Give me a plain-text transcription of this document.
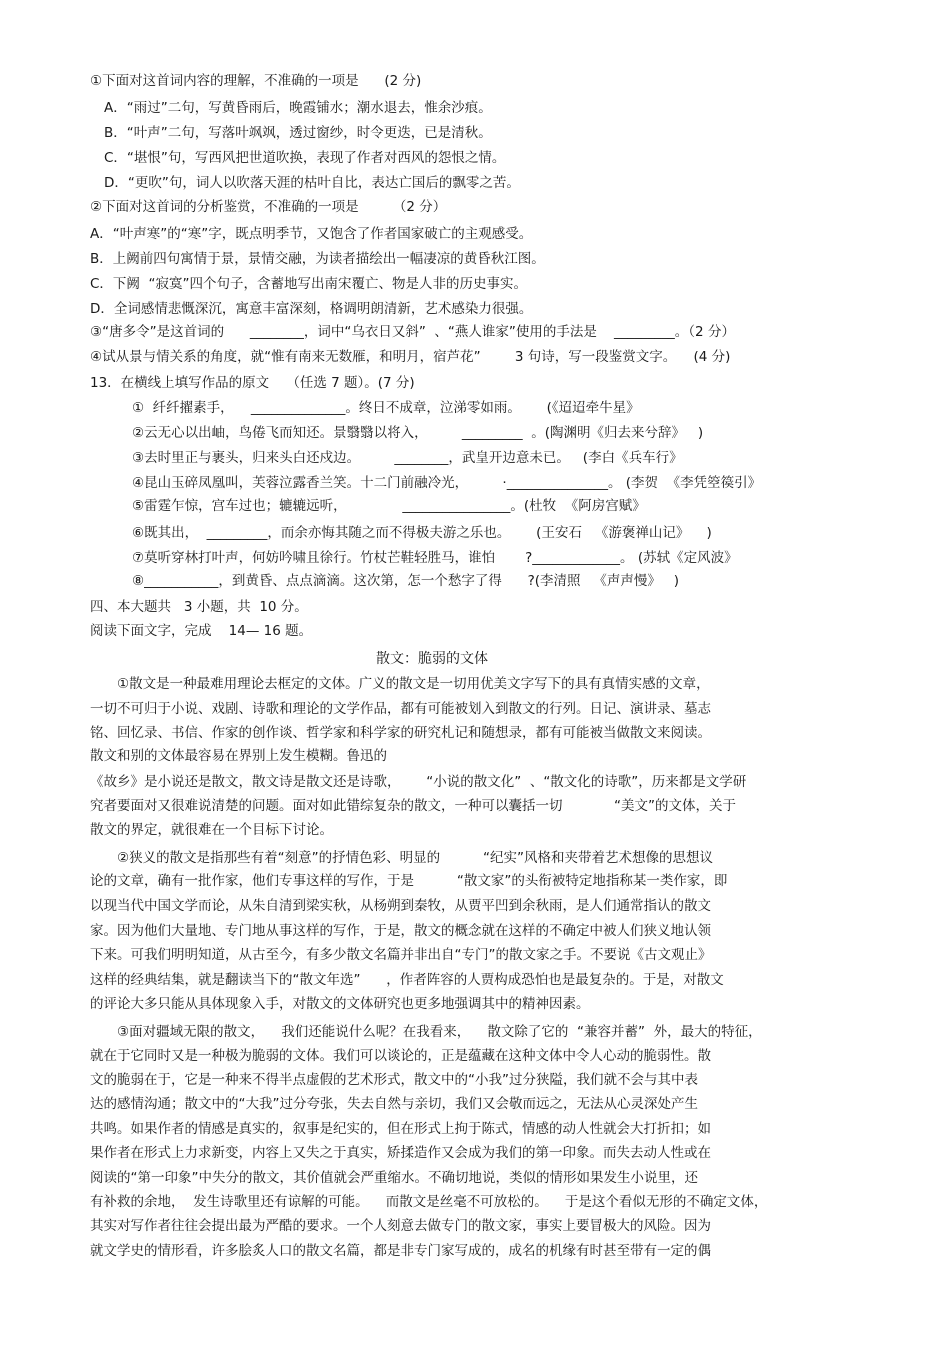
①下面对这首词内容的理解，不准确的一项是      (2 分)
A．“雨过”二句，写黄昏雨后，晚霞铺水；潮水退去，惟余沙痕。
B．“叶声”二句，写落叶飒飒，透过窗纱，时令更迭，已是清秋。
C．“堪恨”句，写西风把世道吹换，表现了作者对西风的怨恨之情。
D．“更吹”句，词人以吹落天涯的枯叶自比，表达亡国后的飘零之苦。
②下面对这首词的分析鉴赏，不准确的一项是        （2 分）
A．“叶声寒”的“寒”字，既点明季节，又饱含了作者国家破亡的主观感受。
B．上阙前四句寓情于景，景情交融，为读者描绘出一幅凄凉的黄昏秋江图。
C．下阙  “寂寞”四个句子，含蓄地写出南宋覆亡、物是人非的历史事实。
D．全词感情悲慨深沉，寓意丰富深刻，格调明朗清新，艺术感染力很强。
③“唐多令”是这首词的      ________，词中“乌衣日又斜”  、“燕人谁家”使用的手法是    _________。（2 分）
④试从景与情关系的角度，就“惟有南来无数雁，和明月，宿芦花”        3 句诗，写一段鉴赏文字。    (4 分)
13．在横线上填写作品的原文    （任选 7 题）。(7 分)
①  纤纤擢素手，    ______________。终日不成章，泣涕零如雨。      (《迢迢牵牛星》
②云无心以出岫，鸟倦飞而知还。景翳翳以将入，        _________  。(陶渊明《归去来兮辞》   )
③去时里正与裹头，归来头白还戍边。        ________，武皇开边意未已。   (李白《兵车行》
④昆山玉碎凤凰叫，芙蓉泣露香兰笑。十二门前融冷光，        ·_______________。 (李贺  《李凭箜篌引》
⑤雷霆乍惊，宫车过也；辘辘远听，             ________________。(杜牧  《阿房宫赋》
⑥既其出，  _________，而余亦悔其随之而不得极夫游之乐也。      (王安石   《游褒禅山记》    )
⑦莫听穿林打叶声，何妨吟啸且徐行。竹杖芒鞋轻胜马，谁怕       ?_____________。 (苏轼《定风波》
⑧___________，到黄昏、点点滴滴。这次第，怎一个愁字了得      ?(李清照   《声声慢》   )
四、本大题共   3 小题，共  10 分。
阅读下面文字，完成    14— 16 题。
散文：脆弱的文体
①散文是一种最难用理论去框定的文体。广义的散文是一切用优美文字写下的具有真情实感的文章，
一切不可归于小说、戏剧、诗歌和理论的文学作品，都有可能被划入到散文的行列。日记、演讲录、墓志
铭、回忆录、书信、作家的创作谈、哲学家和科学家的研究札记和随想录，都有可能被当做散文来阅读。
散文和别的文体最容易在界别上发生模糊。鲁迅的
《故乡》是小说还是散文，散文诗是散文还是诗歌，      “小说的散文化”  、“散文化的诗歌”，历来都是文学研
究者要面对又很难说清楚的问题。面对如此错综复杂的散文，一种可以囊括一切            “美文”的文体，关于
散文的界定，就很难在一个目标下讨论。
②狭义的散文是指那些有着“刻意”的抒情色彩、明显的          “纪实”风格和夹带着艺术想像的思想议
论的文章，确有一批作家，他们专事这样的写作，于是          “散文家”的头衔被特定地指称某一类作家，即
以现当代中国文学而论，从朱自清到梁实秋，从杨朔到秦牧，从贾平凹到余秋雨，是人们通常指认的散文
家。因为他们大量地、专门地从事这样的写作，于是，散文的概念就在这样的不确定中被人们狭义地认领
下来。可我们明明知道，从古至今，有多少散文名篇并非出自“专门”的散文家之手。不要说《古文观止》
这样的经典结集，就是翻读当下的“散文年选”      ，作者阵容的人贾构成恐怕也是最复杂的。于是，对散文
的评论大多只能从具体现象入手，对散文的文体研究也更多地强调其中的精神因素。
③面对疆域无限的散文，    我们还能说什么呢？在我看来，    散文除了它的  “兼容并蓄”  外，最大的特征，
就在于它同时又是一种极为脆弱的文体。我们可以谈论的，正是蕴藏在这种文体中令人心动的脆弱性。散
文的脆弱在于，它是一种来不得半点虚假的艺术形式，散文中的“小我”过分狭隘，我们就不会与其中表
达的感情沟通；散文中的“大我”过分夸张，失去自然与亲切，我们又会敬而远之，无法从心灵深处产生
共鸣。如果作者的情感是真实的，叙事是纪实的，但在形式上拘于陈式，情感的动人性就会大打折扣；如
果作者在形式上力求新变，内容上又失之于真实，矫揉造作又会成为我们的第一印象。而失去动人性或在
阅读的“第一印象”中失分的散文，其价值就会严重缩水。不确切地说，类似的情形如果发生小说里，还
有补救的余地，  发生诗歌里还有谅解的可能。    而散文是丝毫不可放松的。    于是这个看似无形的不确定文体，
其实对写作者往往会提出最为严酷的要求。一个人刻意去做专门的散文家，事实上要冒极大的风险。因为
就文学史的情形看，许多脍炙人口的散文名篇，都是非专门家写成的，成名的机缘有时甚至带有一定的偶
